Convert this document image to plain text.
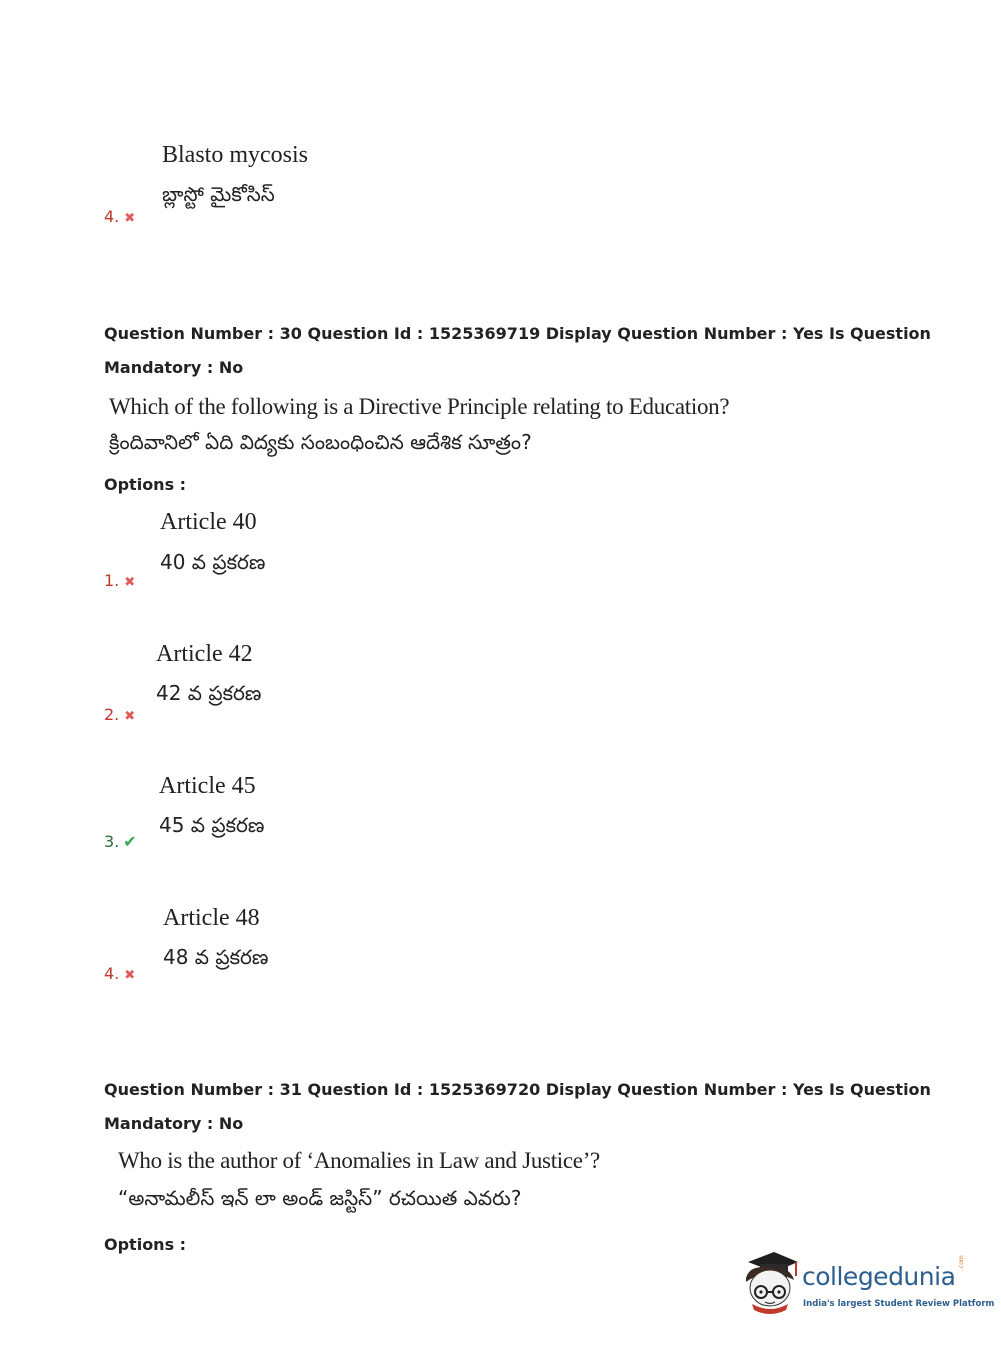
Blasto mycosis
బ్లాస్టో మైకోసిస్
4. ✖
Question Number : 30 Question Id : 1525369719 Display Question Number : Yes Is Question
Mandatory : No
Which of the following is a Directive Principle relating to Education?
క్రిందివానిలో ఏది విద్యకు సంబంధించిన ఆదేశిక సూత్రం?
Options :
Article 40
40 వ ప్రకరణ
1. ✖
Article 42
42 వ ప్రకరణ
2. ✖
Article 45
45 వ ప్రకరణ
3. ✔
Article 48
48 వ ప్రకరణ
4. ✖
Question Number : 31 Question Id : 1525369720 Display Question Number : Yes Is Question
Mandatory : No
Who is the author of ‘Anomalies in Law and Justice’?
“అనామలీస్ ఇన్ లా అండ్ జస్టిస్” రచయిత ఎవరు?
Options :
collegedunia .com
India's largest Student Review Platform
